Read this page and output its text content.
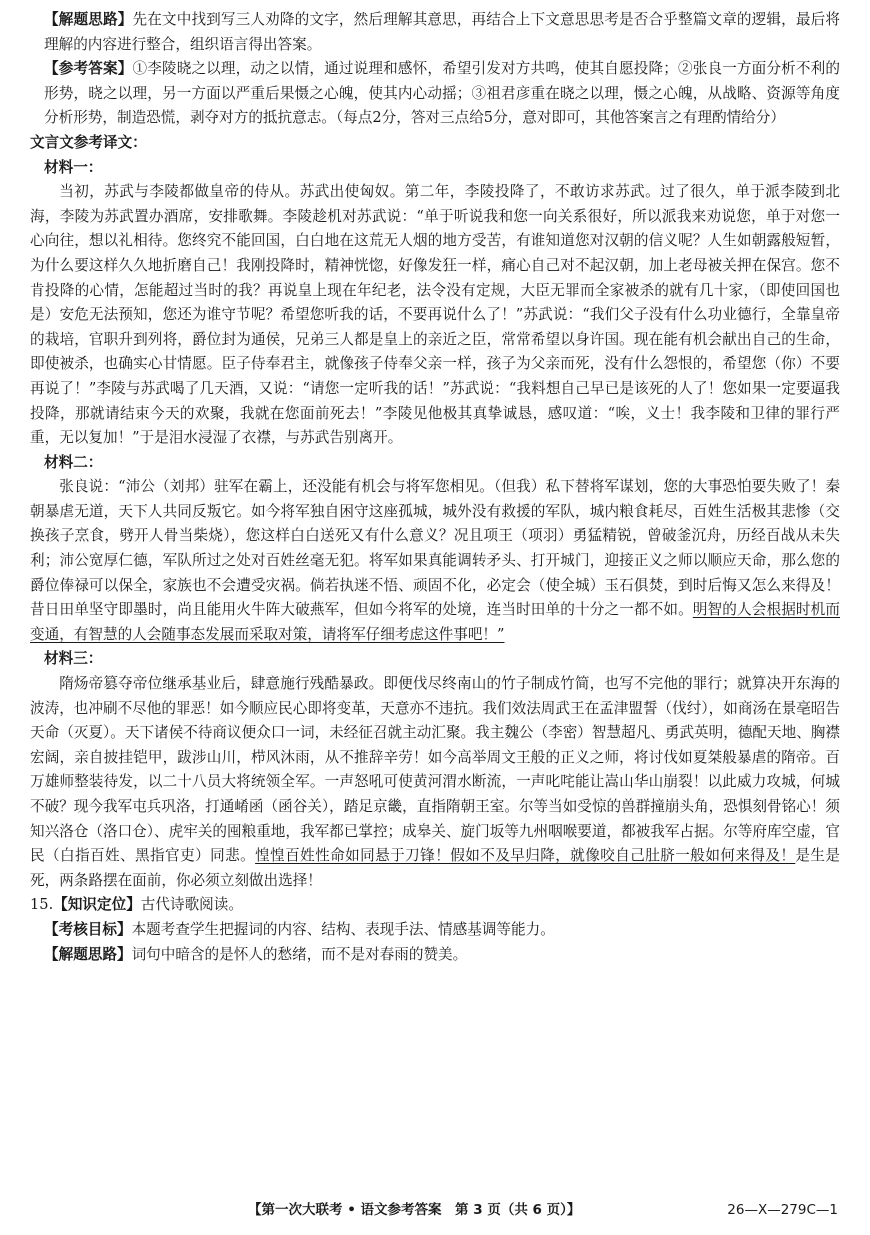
【解题思路】先在文中找到写三人劝降的文字，然后理解其意思，再结合上下文意思思考是否合乎整篇文章的逻辑，最后将理解的内容进行整合，组织语言得出答案。

【参考答案】①李陵晓之以理，动之以情，通过说理和感怀，希望引发对方共鸣，使其自愿投降；②张良一方面分析不利的形势，晓之以理，另一方面以严重后果慑之心魄，使其内心动摇；③祖君彦重在晓之以理，慑之心魄，从战略、资源等角度分析形势，制造恐慌，剥夺对方的抵抗意志。（每点2分，答对三点给5分，意对即可，其他答案言之有理酌情给分）

文言文参考译文：

材料一：

当初，苏武与李陵都做皇帝的侍从。苏武出使匈奴。第二年，李陵投降了，不敢访求苏武。过了很久，单于派李陵到北海，李陵为苏武置办酒席，安排歌舞。李陵趁机对苏武说：“单于听说我和您一向关系很好，所以派我来劝说您，单于对您一心向往，想以礼相待。您终究不能回国，白白地在这荒无人烟的地方受苦，有谁知道您对汉朝的信义呢？人生如朝露般短暂，为什么要这样久久地折磨自己！我刚投降时，精神恍惚，好像发狂一样，痛心自己对不起汉朝，加上老母被关押在保宫。您不肯投降的心情，怎能超过当时的我？再说皇上现在年纪老，法令没有定规，大臣无罪而全家被杀的就有几十家，（即使回国也是）安危无法预知，您还为谁守节呢？希望您听我的话，不要再说什么了！”苏武说：“我们父子没有什么功业德行，全靠皇帝的栽培，官职升到列将，爵位封为通侯，兄弟三人都是皇上的亲近之臣，常常希望以身许国。现在能有机会献出自己的生命，即使被杀，也确实心甘情愿。臣子侍奉君主，就像孩子侍奉父亲一样，孩子为父亲而死，没有什么怨恨的，希望您（你）不要再说了！”李陵与苏武喝了几天酒，又说：“请您一定听我的话！”苏武说：“我料想自己早已是该死的人了！您如果一定要逼我投降，那就请结束今天的欢聚，我就在您面前死去！”李陵见他极其真挚诚恳，感叹道：“唉，义士！我李陵和卫律的罪行严重，无以复加！”于是泪水浸湿了衣襟，与苏武告别离开。

材料二：

张良说：“沛公（刘邦）驻军在霸上，还没能有机会与将军您相见。（但我）私下替将军谋划，您的大事恐怕要失败了！秦朝暴虐无道，天下人共同反叛它。如今将军独自困守这座孤城，城外没有救援的军队，城内粮食耗尽，百姓生活极其悲惨（交换孩子烹食，劈开人骨当柴烧），您这样白白送死又有什么意义？况且项王（项羽）勇猛精锐，曾破釜沉舟，历经百战从未失利；沛公宽厚仁德，军队所过之处对百姓丝毫无犯。将军如果真能调转矛头、打开城门，迎接正义之师以顺应天命，那么您的爵位俸禄可以保全，家族也不会遭受灾祸。倘若执迷不悟、顽固不化，必定会（使全城）玉石俱焚，到时后悔又怎么来得及！昔日田单坚守即墨时，尚且能用火牛阵大破燕军，但如今将军的处境，连当时田单的十分之一都不如。明智的人会根据时机而变通，有智慧的人会随事态发展而采取对策，请将军仔细考虑这件事吧！”

材料三：

隋炀帝篡夺帝位继承基业后，肆意施行残酷暴政。即便伐尽终南山的竹子制成竹简，也写不完他的罪行；就算决开东海的波涛，也冲刷不尽他的罪恶！如今顺应民心即将变革，天意亦不违抗。我们效法周武王在孟津盟誓（伐纣），如商汤在景亳昭告天命（灭夏）。天下诸侯不待商议便众口一词，未经征召就主动汇聚。我主魏公（李密）智慧超凡、勇武英明，德配天地、胸襟宏阔，亲自披挂铠甲，跋涉山川，栉风沐雨，从不推辞辛劳！如今高举周文王般的正义之师，将讨伐如夏桀般暴虐的隋帝。百万雄师整装待发，以二十八员大将统领全军。一声怒吼可使黄河渭水断流，一声叱咤能让嵩山华山崩裂！以此威力攻城，何城不破？现今我军屯兵巩洛，打通崤函（函谷关），踏足京畿，直指隋朝王室。尔等当如受惊的兽群撞崩头角，恐惧刻骨铭心！须知兴洛仓（洛口仓）、虎牢关的囤粮重地，我军都已掌控；成皋关、旋门坂等九州咽喉要道，都被我军占据。尔等府库空虚，官民（白指百姓、黑指官吏）同悲。惶惶百姓性命如同悬于刀锋！假如不及早归降，就像咬自己肚脐一般如何来得及！是生是死，两条路摆在面前，你必须立刻做出选择！

15.【知识定位】古代诗歌阅读。

【考核目标】本题考查学生把握词的内容、结构、表现手法、情感基调等能力。

【解题思路】词句中暗含的是怀人的愁绪，而不是对春雨的赞美。

【第一次大联考 • 语文参考答案　第 3 页（共 6 页）】	26—X—279C—1
